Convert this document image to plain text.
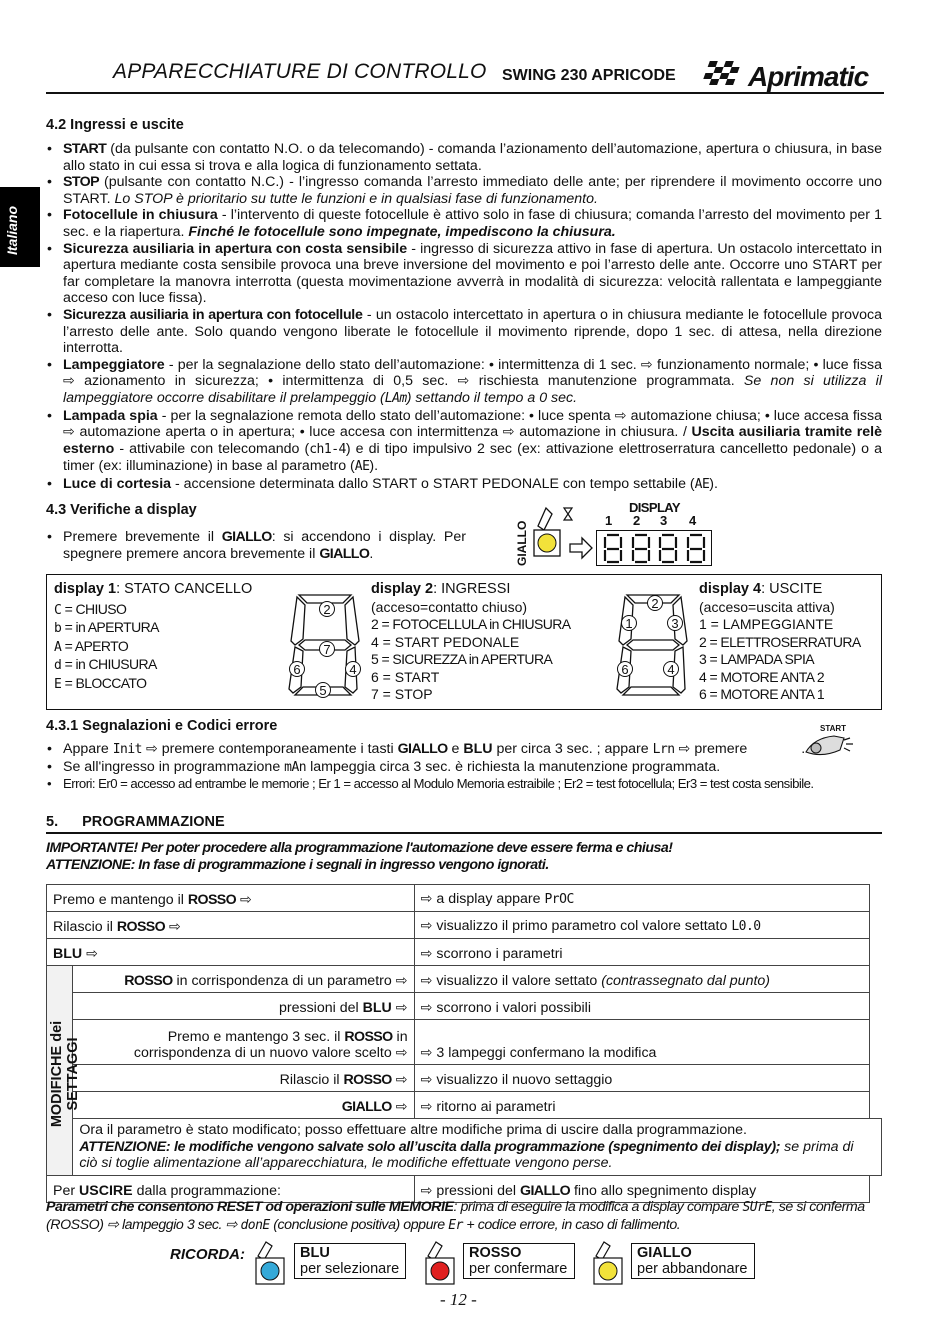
APPARECCHIATURE DI CONTROLLO SWING 230 APRICODE	Aprimatic
Italiano
4.2 Ingressi e uscite
• START (da pulsante con contatto N.O. o da telecomando) - comanda l’azionamento dell’automazione, apertura o chiusura, in base allo stato in cui essa si trova e alla logica di funzionamento settata.
• STOP (pulsante con contatto N.C.) - l’ingresso comanda l’arresto immediato delle ante; per riprendere il movimento occorre uno START. Lo STOP è prioritario su tutte le funzioni e in qualsiasi fase di funzionamento.
• Fotocellule in chiusura - l’intervento di queste fotocellule è attivo solo in fase di chiusura; comanda l’arresto del movimento per 1 sec. e la riapertura. Finché le fotocellule sono impegnate, impediscono la chiusura.
• Sicurezza ausiliaria in apertura con costa sensibile - ingresso di sicurezza attivo in fase di apertura. Un ostacolo intercettato in apertura mediante costa sensibile provoca una breve inversione del movimento e poi l’arresto delle ante. Occorre uno START per far completare la manovra interrotta (questa movimentazione avverrà in modalità di sicurezza: velocità rallentata e lampeggiante acceso con luce fissa).
• Sicurezza ausiliaria in apertura con fotocellule - un ostacolo intercettato in apertura o in chiusura mediante le fotocellule provoca l’arresto delle ante. Solo quando vengono liberate le fotocellule il movimento riprende, dopo 1 sec. di attesa, nella direzione interrotta.
• Lampeggiatore - per la segnalazione dello stato dell’automazione: • intermittenza di 1 sec. ⇨ funzionamento normale; • luce fissa ⇨ azionamento in sicurezza; • intermittenza di 0,5 sec. ⇨ rischiesta manutenzione programmata. Se non si utilizza il lampeggiatore occorre disabilitare il prelampeggio (LAm) settando il tempo a 0 sec.
• Lampada spia - per la segnalazione remota dello stato dell’automazione: • luce spenta ⇨ automazione chiusa; • luce accesa fissa ⇨ automazione aperta o in apertura; • luce accesa con intermittenza ⇨ automazione in chiusura. / Uscita ausiliaria tramite relè esterno - attivabile con telecomando (ch1-4) e di tipo impulsivo 2 sec (ex: attivazione elettroserratura cancelletto pedonale) o a timer (ex: illuminazione) in base al parametro (AE).
• Luce di cortesia - accensione determinata dallo START o START PEDONALE con tempo settabile (AE).
4.3 Verifiche a display
• Premere brevemente il GIALLO: si accendono i display. Per spegnere premere ancora brevemente il GIALLO.	GIALLO
DISPLAY
1 2 3 4
display 1: STATO CANCELLO
C = CHIUSO
b = in APERTURA
A = APERTO
d = in CHIUSURA
E = BLOCCATO
2
7
6	4
5
display 2: INGRESSI
(acceso=contatto chiuso)
2 = FOTOCELLULA in CHIUSURA
4 = START PEDONALE
5 = SICUREZZA in APERTURA
6 = START
7 = STOP
2
1	3
6	4
display 4: USCITE
(acceso=uscita attiva)
1 = LAMPEGGIANTE
2 = ELETTROSERRATURA
3 = LAMPADA SPIA
4 = MOTORE ANTA 2
6 = MOTORE ANTA 1
4.3.1 Segnalazioni e Codici errore
• Appare Init ⇨ premere contemporaneamente i tasti GIALLO e BLU per circa 3 sec. ; appare Lrn ⇨ premere	.
• Se all'ingresso in programmazione mAn lampeggia circa 3 sec. è richiesta la manutenzione programmata.
• Errori: Er0 = accesso ad entrambe le memorie ; Er 1 = accesso al Modulo Memoria estraibile ; Er2 = test fotocellula; Er3 = test costa sensibile.
START
5. PROGRAMMAZIONE
IMPORTANTE! Per poter procedere alla programmazione l'automazione deve essere ferma e chiusa!
ATTENZIONE: In fase di programmazione i segnali in ingresso vengono ignorati.
Premo e mantengo il ROSSO ⇨		⇨ a display appare PrOC	
Rilascio il ROSSO ⇨		⇨ visualizzo il primo parametro col valore settato L0.0	
BLU ⇨		⇨ scorrono i parametri	

MODIFICHE dei SETTAGGI	ROSSO in corrispondenza di un parametro ⇨	⇨ visualizzo il valore settato (contrassegnato dal punto)	
	pressioni del BLU ⇨	⇨ scorrono i valori possibili	

	Premo e mantengo 3 sec. il ROSSO in
corrispondenza di un nuovo valore scelto ⇨	⇨ 3 lampeggi confermano la modifica	
	Rilascio il ROSSO ⇨	⇨ visualizzo il nuovo settaggio	
	GIALLO ⇨	⇨ ritorno ai parametri	

	Ora il parametro è stato modificato; posso effettuare altre modifiche prima di uscire dalla programmazione.
ATTENZIONE: le modifiche vengono salvate solo all’uscita dalla programmazione (spegnimento dei display); se prima di ciò si toglie alimentazione all’apparecchiatura, le modifiche effettuate vengono perse.		

Per USCIRE dalla programmazione:		⇨ pressioni del GIALLO fino allo spegnimento display	
Parametri che consentono RESET od operazioni sulle MEMORIE: prima di eseguire la modifica a display compare SUrE, se si conferma (ROSSO) ⇨ lampeggio 3 sec. ⇨ donE (conclusione positiva) oppure Er + codice errore, in caso di fallimento.
RICORDA:	BLU
per selezionare
ROSSO
per confermare
GIALLO
per abbandonare
- 12 -
